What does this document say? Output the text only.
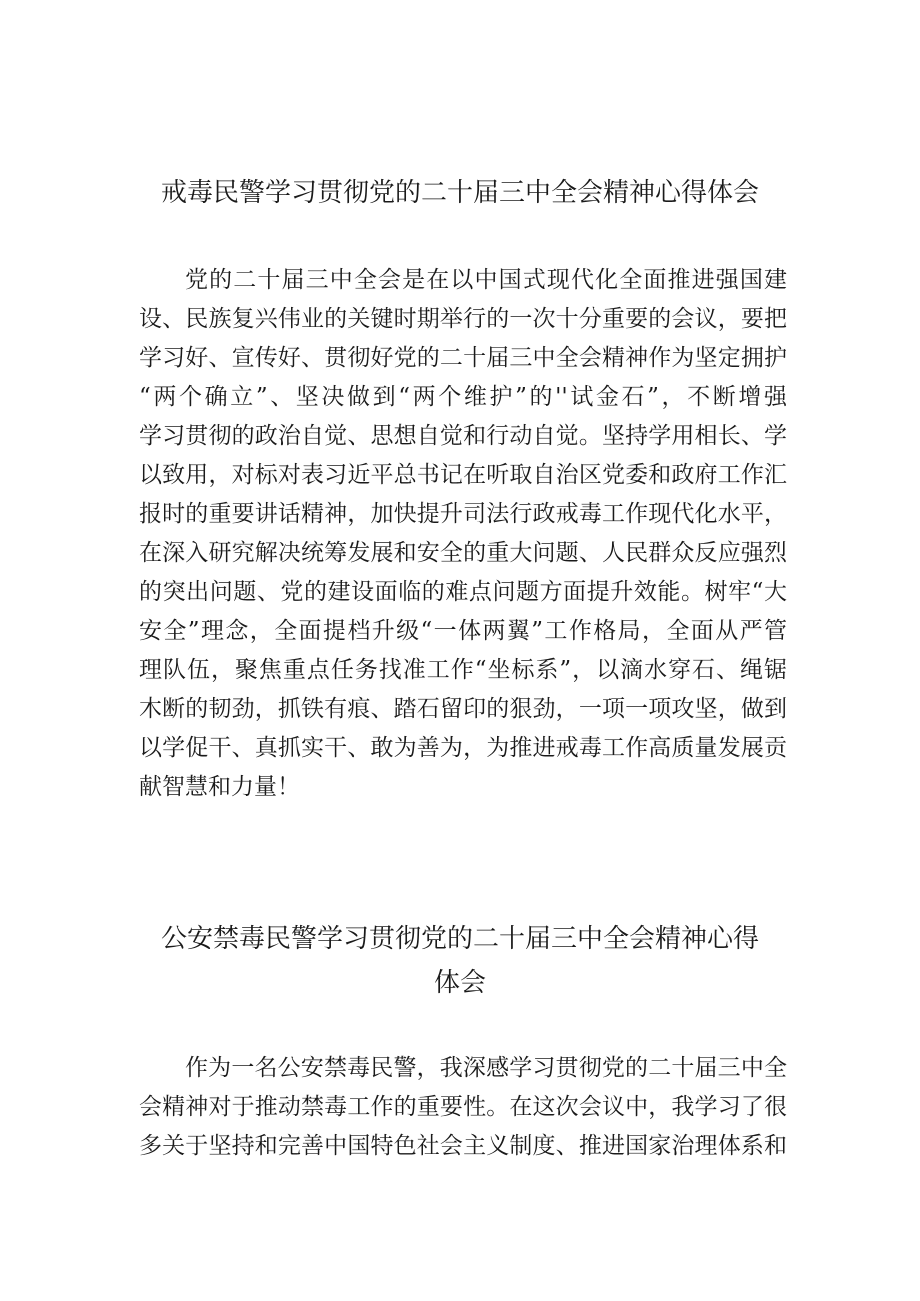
戒毒民警学习贯彻党的二十届三中全会精神心得体会
党的二十届三中全会是在以中国式现代化全面推进强国建
设、民族复兴伟业的关键时期举行的一次十分重要的会议，要把
学习好、宣传好、贯彻好党的二十届三中全会精神作为坚定拥护
“两个确立”、坚决做到“两个维护”的''试金石”，不断增强
学习贯彻的政治自觉、思想自觉和行动自觉。坚持学用相长、学
以致用，对标对表习近平总书记在听取自治区党委和政府工作汇
报时的重要讲话精神，加快提升司法行政戒毒工作现代化水平，
在深入研究解决统筹发展和安全的重大问题、人民群众反应强烈
的突出问题、党的建设面临的难点问题方面提升效能。树牢“大
安全”理念，全面提档升级“一体两翼”工作格局，全面从严管
理队伍，聚焦重点任务找准工作“坐标系”，以滴水穿石、绳锯
木断的韧劲，抓铁有痕、踏石留印的狠劲，一项一项攻坚，做到
以学促干、真抓实干、敢为善为，为推进戒毒工作高质量发展贡
献智慧和力量！
公安禁毒民警学习贯彻党的二十届三中全会精神心得
体会
作为一名公安禁毒民警，我深感学习贯彻党的二十届三中全
会精神对于推动禁毒工作的重要性。在这次会议中，我学习了很
多关于坚持和完善中国特色社会主义制度、推进国家治理体系和
